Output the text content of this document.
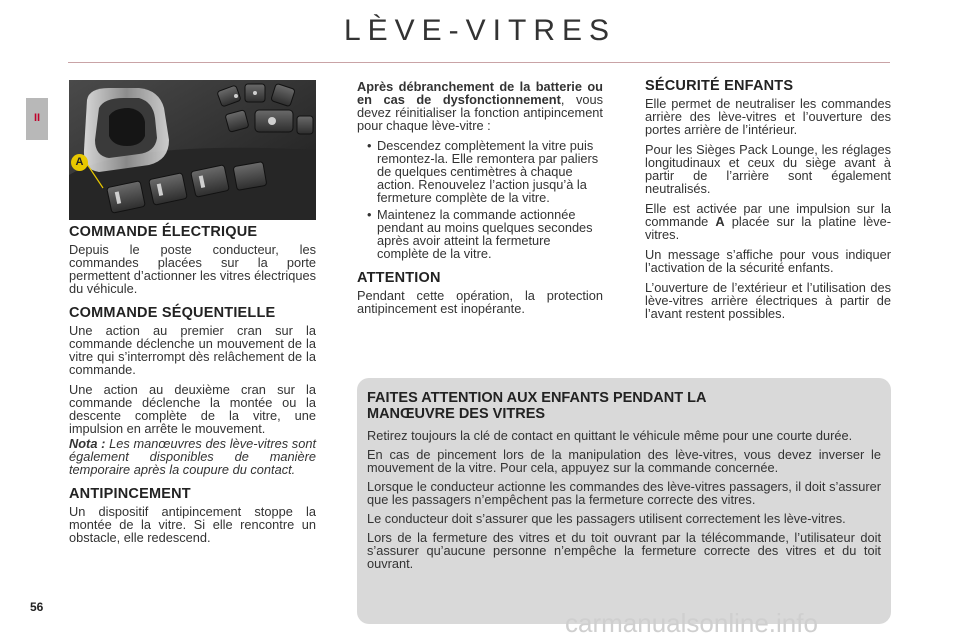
LÈVE-VITRES
II
56
A
COMMANDE ÉLECTRIQUE

Depuis le poste conducteur, les commandes placées sur la porte permettent d’actionner les vitres électriques du véhicule.

COMMANDE SÉQUENTIELLE

Une action au premier cran sur la commande déclenche un mouvement de la vitre qui s’interrompt dès relâchement de la commande.

Une action au deuxième cran sur la commande déclenche la montée ou la descente complète de la vitre, une impulsion en arrête le mouvement.

Nota : Les manœuvres des lève-vitres sont également disponibles de manière temporaire après la coupure du contact.

ANTIPINCEMENT

Un dispositif antipincement stoppe la montée de la vitre. Si elle rencontre un obstacle, elle redescend.

Après débranchement de la batterie ou en cas de dysfonctionnement, vous devez réinitialiser la fonction antipincement pour chaque lève-vitre :

• Descendez complètement la vitre puis remontez-la. Elle remontera par paliers de quelques centimètres à chaque action. Renouvelez l’action jusqu’à la fermeture complète de la vitre.
• Maintenez la commande actionnée pendant au moins quelques secondes après avoir atteint la fermeture complète de la vitre.
ATTENTION

Pendant cette opération, la protection antipincement est inopérante.

SÉCURITÉ ENFANTS

Elle permet de neutraliser les commandes arrière des lève-vitres et l’ouverture des portes arrière de l’intérieur.

Pour les Sièges Pack Lounge, les réglages longitudinaux et ceux du siège avant à partir de l’arrière sont également neutralisés.

Elle est activée par une impulsion sur la commande A placée sur la platine lève-vitres.

Un message s’affiche pour vous indiquer l’activation de la sécurité enfants.

L’ouverture de l’extérieur et l’utilisation des lève-vitres arrière électriques à partir de l’avant restent possibles.

FAITES ATTENTION AUX ENFANTS PENDANT LA MANŒUVRE DES VITRES

Retirez toujours la clé de contact en quittant le véhicule même pour une courte durée.

En cas de pincement lors de la manipulation des lève-vitres, vous devez inverser le mouvement de la vitre. Pour cela, appuyez sur la commande concernée.

Lorsque le conducteur actionne les commandes des lève-vitres passagers, il doit s’assurer que les passagers n’empêchent pas la fermeture correcte des vitres.

Le conducteur doit s’assurer que les passagers utilisent correctement les lève-vitres.

Lors de la fermeture des vitres et du toit ouvrant par la télécommande, l’utilisateur doit s’assurer qu’aucune personne n’empêche la fermeture correcte des vitres et du toit ouvrant.

carmanualsonline.info
